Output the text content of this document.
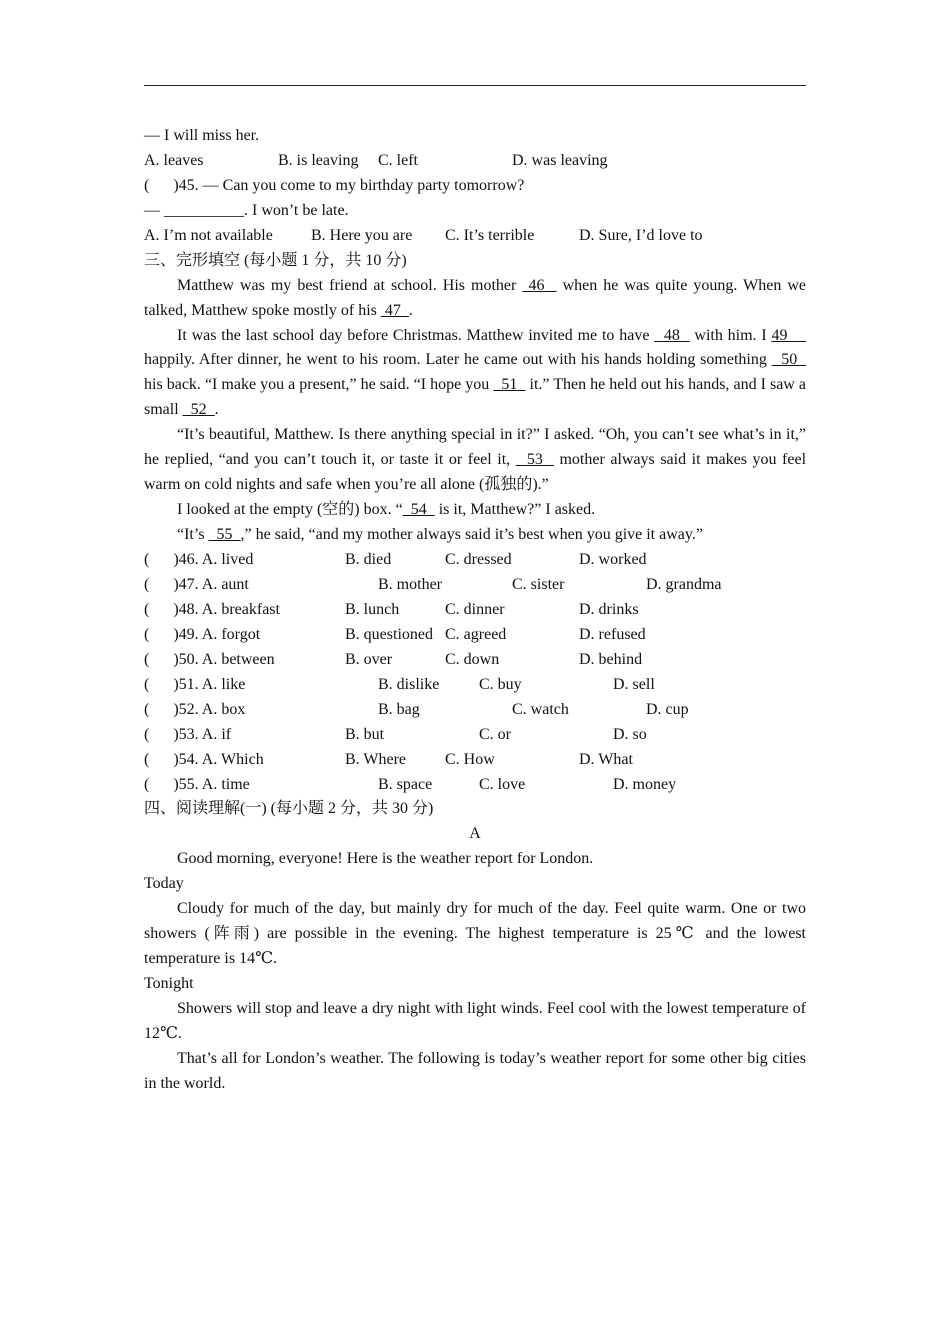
— I will miss her.
A. leaves	B. is leaving C. left	D. was leaving
(      )45. — Can you come to my birthday party tomorrow?
— __________. I won’t be late.
A. I’m not available B. Here you are C. It’s terrible	D. Sure, I’d love to
三、完形填空 (每小题 1 分，共 10 分)
Matthew was my best friend at school. His mother  46   when he was quite young. When we talked, Matthew spoke mostly of his  47  .
It was the last school day before Christmas. Matthew invited me to have   48   with him. I 49     happily. After dinner, he went to his room. Later he came out with his hands holding something   50   his back. “I make you a present,” he said. “I hope you   51   it.” Then he held out his hands, and I saw a small   52  .
“It’s beautiful, Matthew. Is there anything special in it?” I asked. “Oh, you can’t see what’s in it,” he replied, “and you can’t touch it, or taste it or feel it,   53   mother always said it makes you feel warm on cold nights and safe when you’re all alone (孤独的).”
I looked at the empty (空的) box. “  54   is it, Matthew?” I asked.
“It’s   55  ,” he said, “and my mother always said it’s best when you give it away.”
(      )46. A. lived	B. died	C. dressed	D. worked
(      )47. A. aunt	B. mother	C. sister	D. grandma
(      )48. A. breakfast	B. lunch	C. dinner	D. drinks
(      )49. A. forgot	B. questioned C. agreed	D. refused
(      )50. A. between	B. over	C. down	D. behind
(      )51. A. like	B. dislike C. buy	D. sell
(      )52. A. box	B. bag	C. watch	D. cup
(      )53. A. if	B. but	C. or	D. so
(      )54. A. Which	B. Where C. How	D. What
(      )55. A. time	B. space	C. love	D. money
四、阅读理解(一) (每小题 2 分，共 30 分)
A
Good morning, everyone! Here is the weather report for London.
Today
Cloudy for much of the day, but mainly dry for much of the day. Feel quite warm. One or two showers (阵雨) are possible in the evening. The highest temperature is 25℃ and the lowest temperature is 14℃.
Tonight
Showers will stop and leave a dry night with light winds. Feel cool with the lowest temperature of 12℃.
That’s all for London’s weather. The following is today’s weather report for some other big cities in the world.
